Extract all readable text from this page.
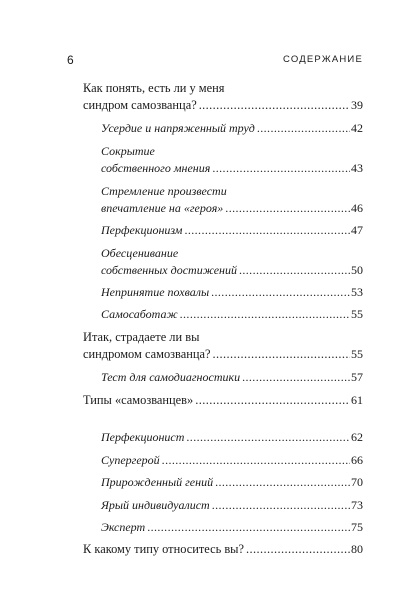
6	СОДЕРЖАНИЕ
Как понять, есть ли у меня
синдром самозванца? .....	39
Усердие и напряженный труд .....	42
Сокрытие
собственного мнения .....	43
Стремление произвести
впечатление на «героя» .....	46
Перфекционизм .....	47
Обесценивание
собственных достижений .....	50
Непринятие похвалы .....	53
Самосаботаж .....	55
Итак, страдаете ли вы
синдромом самозванца? .....	55
Тест для самодиагностики .....	57
Типы «самозванцев» .....	61
Перфекционист .....	62
Супергерой .....	66
Прирожденный гений .....	70
Ярый индивидуалист .....	73
Эксперт .....	75
К какому типу относитесь вы? .....	80
